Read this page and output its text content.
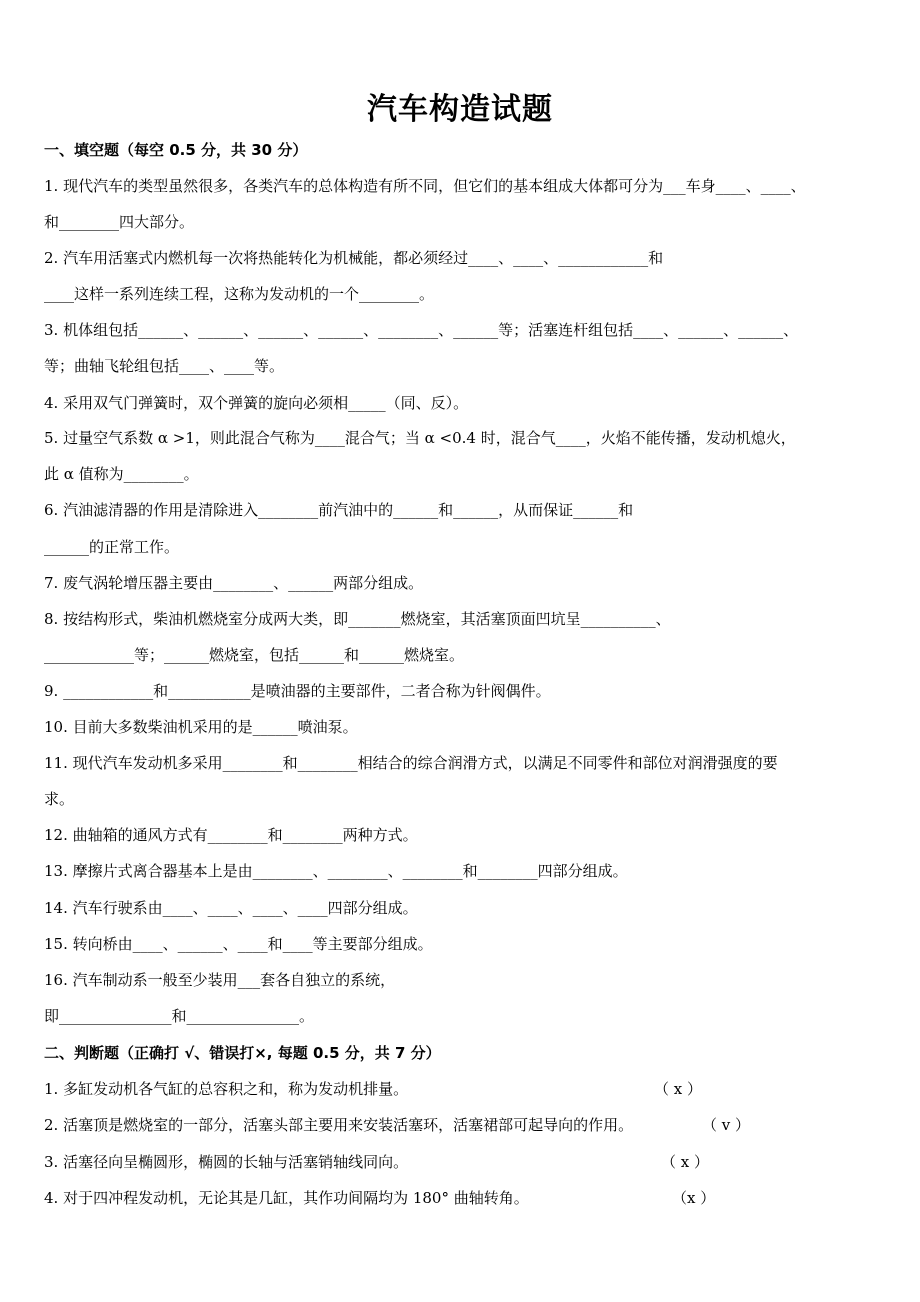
汽车构造试题
一、填空题（每空 0.5 分，共 30 分）
1. 现代汽车的类型虽然很多，各类汽车的总体构造有所不同，但它们的基本组成大体都可分为___车身____、____、
和________四大部分。
2. 汽车用活塞式内燃机每一次将热能转化为机械能，都必须经过____、____、____________和
____这样一系列连续工程，这称为发动机的一个________。
3. 机体组包括______、______、______、______、________、______等；活塞连杆组包括____、______、______、
等；曲轴飞轮组包括____、____等。
4. 采用双气门弹簧时，双个弹簧的旋向必须相_____（同、反）。
5. 过量空气系数 α >1，则此混合气称为____混合气；当 α <0.4 时，混合气____，火焰不能传播，发动机熄火，
此 α 值称为________。
6. 汽油滤清器的作用是清除进入________前汽油中的______和______，从而保证______和
______的正常工作。
7. 废气涡轮增压器主要由________、______两部分组成。
8. 按结构形式，柴油机燃烧室分成两大类，即_______燃烧室，其活塞顶面凹坑呈__________、
____________等；______燃烧室，包括______和______燃烧室。
9. ____________和___________是喷油器的主要部件，二者合称为针阀偶件。
10. 目前大多数柴油机采用的是______喷油泵。
11. 现代汽车发动机多采用________和________相结合的综合润滑方式，以满足不同零件和部位对润滑强度的要
求。
12. 曲轴箱的通风方式有________和________两种方式。
13. 摩擦片式离合器基本上是由________、________、________和________四部分组成。
14. 汽车行驶系由____、____、____、____四部分组成。
15. 转向桥由____、______、____和____等主要部分组成。
16. 汽车制动系一般至少装用___套各自独立的系统，
即_______________和_______________。
二、判断题（正确打 √、错误打×, 每题 0.5 分，共 7 分）
1. 多缸发动机各气缸的总容积之和，称为发动机排量。	（ x ）
2. 活塞顶是燃烧室的一部分，活塞头部主要用来安装活塞环，活塞裙部可起导向的作用。	（ v ）
3. 活塞径向呈椭圆形，椭圆的长轴与活塞销轴线同向。	（ x ）
4. 对于四冲程发动机，无论其是几缸，其作功间隔均为 180° 曲轴转角。	（x ）
